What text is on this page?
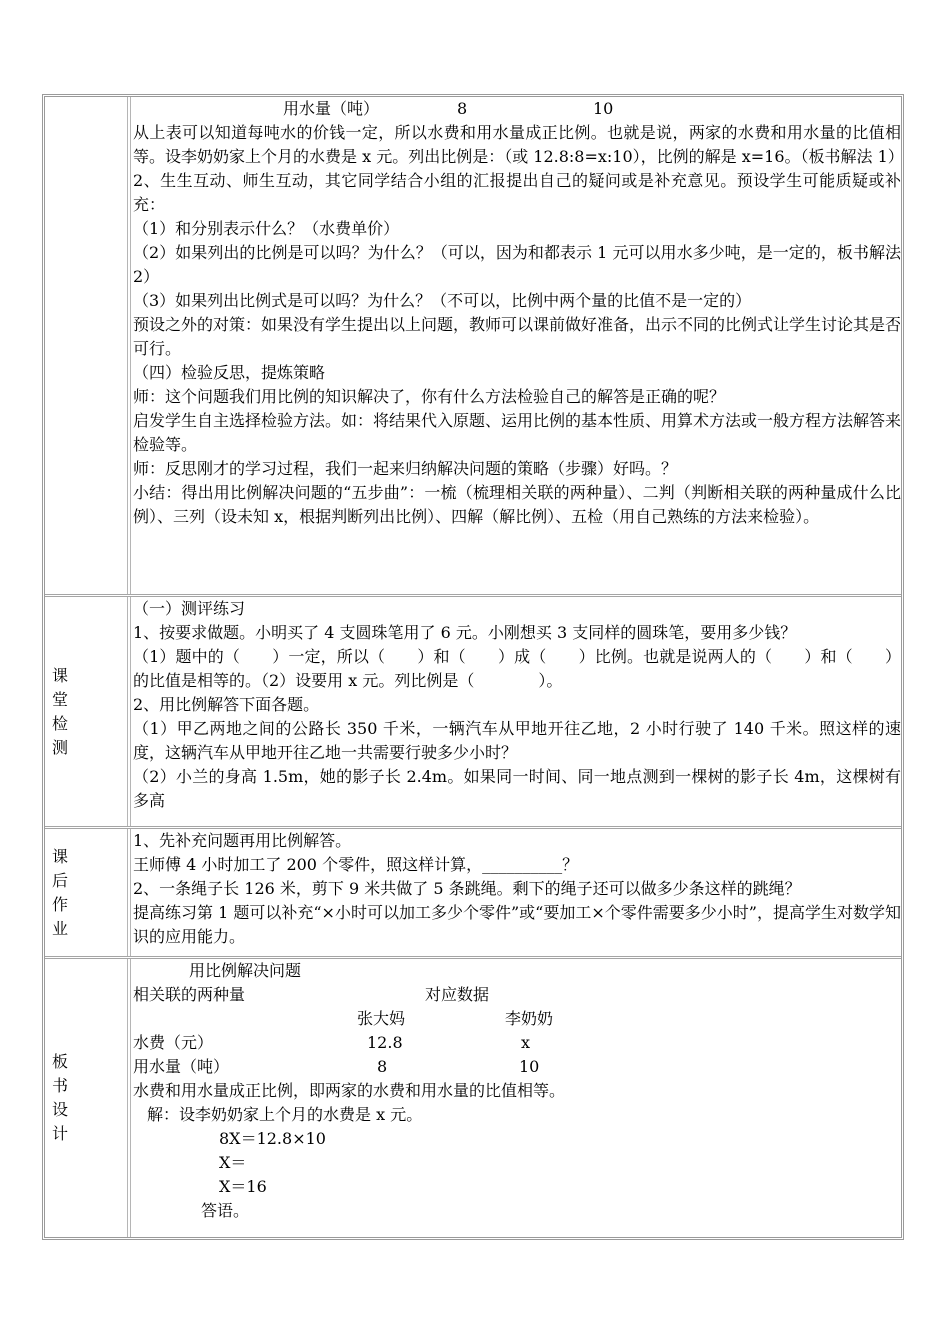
用水量（吨）	8	10
从上表可以知道每吨水的价钱一定，所以水费和用水量成正比例。也就是说，两家的水费和用水量的比值相等。设李奶奶家上个月的水费是 x 元。列出比例是：（或 12.8:8=x:10），比例的解是 x=16。（板书解法 1）
2、生生互动、师生互动，其它同学结合小组的汇报提出自己的疑问或是补充意见。预设学生可能质疑或补充：
（1）和分别表示什么？（水费单价）
（2）如果列出的比例是可以吗？为什么？（可以，因为和都表示 1 元可以用水多少吨，是一定的，板书解法 2）
（3）如果列出比例式是可以吗？为什么？（不可以，比例中两个量的比值不是一定的）
预设之外的对策：如果没有学生提出以上问题，教师可以课前做好准备，出示不同的比例式让学生讨论其是否可行。
（四）检验反思，提炼策略
师：这个问题我们用比例的知识解决了，你有什么方法检验自己的解答是正确的呢？
启发学生自主选择检验方法。如：将结果代入原题、运用比例的基本性质、用算术方法或一般方程方法解答来检验等。
师：反思刚才的学习过程，我们一起来归纳解决问题的策略（步骤）好吗。？
小结：得出用比例解决问题的“五步曲”：一梳（梳理相关联的两种量）、二判（判断相关联的两种量成什么比例）、三列（设未知 x，根据判断列出比例）、四解（解比例）、五检（用自己熟练的方法来检验）。
课堂检测
（一）测评练习
1、按要求做题。小明买了 4 支圆珠笔用了 6 元。小刚想买 3 支同样的圆珠笔，要用多少钱？
（1）题中的（　　）一定，所以（　　）和（　　）成（　　）比例。也就是说两人的（　　）和（　　）的比值是相等的。（2）设要用 x 元。列比例是（　　　　）。
2、用比例解答下面各题。
（1）甲乙两地之间的公路长 350 千米，一辆汽车从甲地开往乙地，2 小时行驶了 140 千米。照这样的速度，这辆汽车从甲地开往乙地一共需要行驶多少小时？
（2）小兰的身高 1.5m，她的影子长 2.4m。如果同一时间、同一地点测到一棵树的影子长 4m，这棵树有多高
课后作业
1、先补充问题再用比例解答。
王师傅 4 小时加工了 200 个零件，照这样计算，__________？
2、一条绳子长 126 米，剪下 9 米共做了 5 条跳绳。剩下的绳子还可以做多少条这样的跳绳？
提高练习第 1 题可以补充“×小时可以加工多少个零件”或“要加工×个零件需要多少小时”，提高学生对数学知识的应用能力。
板书设计
用比例解决问题
相关联的两种量	对应数据
张大妈	李奶奶
水费（元）	12.8	x
用水量（吨）	8	10
水费和用水量成正比例，即两家的水费和用水量的比值相等。
解：设李奶奶家上个月的水费是 x 元。
8X＝12.8×10
X＝
X＝16
答语。
